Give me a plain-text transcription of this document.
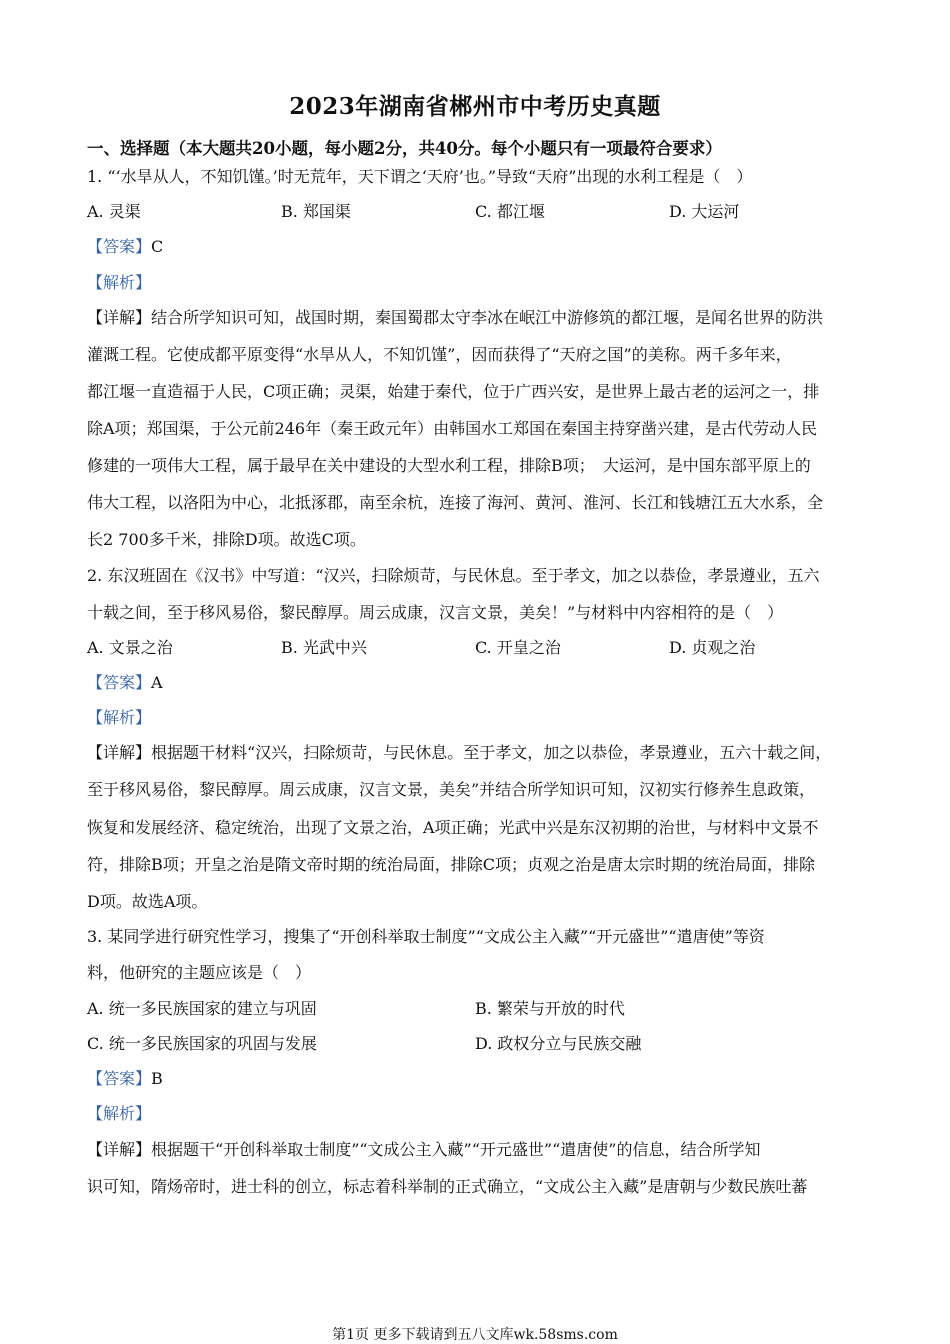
2023年湖南省郴州市中考历史真题
一、选择题（本大题共20小题，每小题2分，共40分。每个小题只有一项最符合要求）
1. “‘水旱从人，不知饥馑。’时无荒年，天下谓之‘天府’也。”导致“天府”出现的水利工程是（　）
A. 灵渠	B. 郑国渠	C. 都江堰	D. 大运河
【答案】C
【解析】
【详解】结合所学知识可知，战国时期，秦国蜀郡太守李冰在岷江中游修筑的都江堰，是闻名世界的防洪
灌溉工程。它使成都平原变得“水旱从人，不知饥馑”，因而获得了“天府之国”的美称。两千多年来，
都江堰一直造福于人民，C项正确；灵渠，始建于秦代，位于广西兴安，是世界上最古老的运河之一，排
除A项；郑国渠，于公元前246年（秦王政元年）由韩国水工郑国在秦国主持穿凿兴建，是古代劳动人民
修建的一项伟大工程，属于最早在关中建设的大型水利工程，排除B项；　大运河，是中国东部平原上的
伟大工程，以洛阳为中心，北抵涿郡，南至余杭，连接了海河、黄河、淮河、长江和钱塘江五大水系，全
长2 700多千米，排除D项。故选C项。
2. 东汉班固在《汉书》中写道：“汉兴，扫除烦苛，与民休息。至于孝文，加之以恭俭，孝景遵业，五六
十载之间，至于移风易俗，黎民醇厚。周云成康，汉言文景，美矣！”与材料中内容相符的是（　）
A. 文景之治	B. 光武中兴	C. 开皇之治	D. 贞观之治
【答案】A
【解析】
【详解】根据题干材料“汉兴，扫除烦苛，与民休息。至于孝文，加之以恭俭，孝景遵业，五六十载之间，
至于移风易俗，黎民醇厚。周云成康，汉言文景，美矣”并结合所学知识可知，汉初实行修养生息政策，
恢复和发展经济、稳定统治，出现了文景之治，A项正确；光武中兴是东汉初期的治世，与材料中文景不
符，排除B项；开皇之治是隋文帝时期的统治局面，排除C项；贞观之治是唐太宗时期的统治局面，排除
D项。故选A项。
3. 某同学进行研究性学习，搜集了“开创科举取士制度”“文成公主入藏”“开元盛世”“遣唐使”等资
料，他研究的主题应该是（　）
A. 统一多民族国家的建立与巩固	B. 繁荣与开放的时代
C. 统一多民族国家的巩固与发展	D. 政权分立与民族交融
【答案】B
【解析】
【详解】根据题干“开创科举取士制度”“文成公主入藏”“开元盛世”“遣唐使”的信息，结合所学知
识可知，隋炀帝时，进士科的创立，标志着科举制的正式确立，“文成公主入藏”是唐朝与少数民族吐蕃
第1页 更多下载请到五八文库wk.58sms.com
